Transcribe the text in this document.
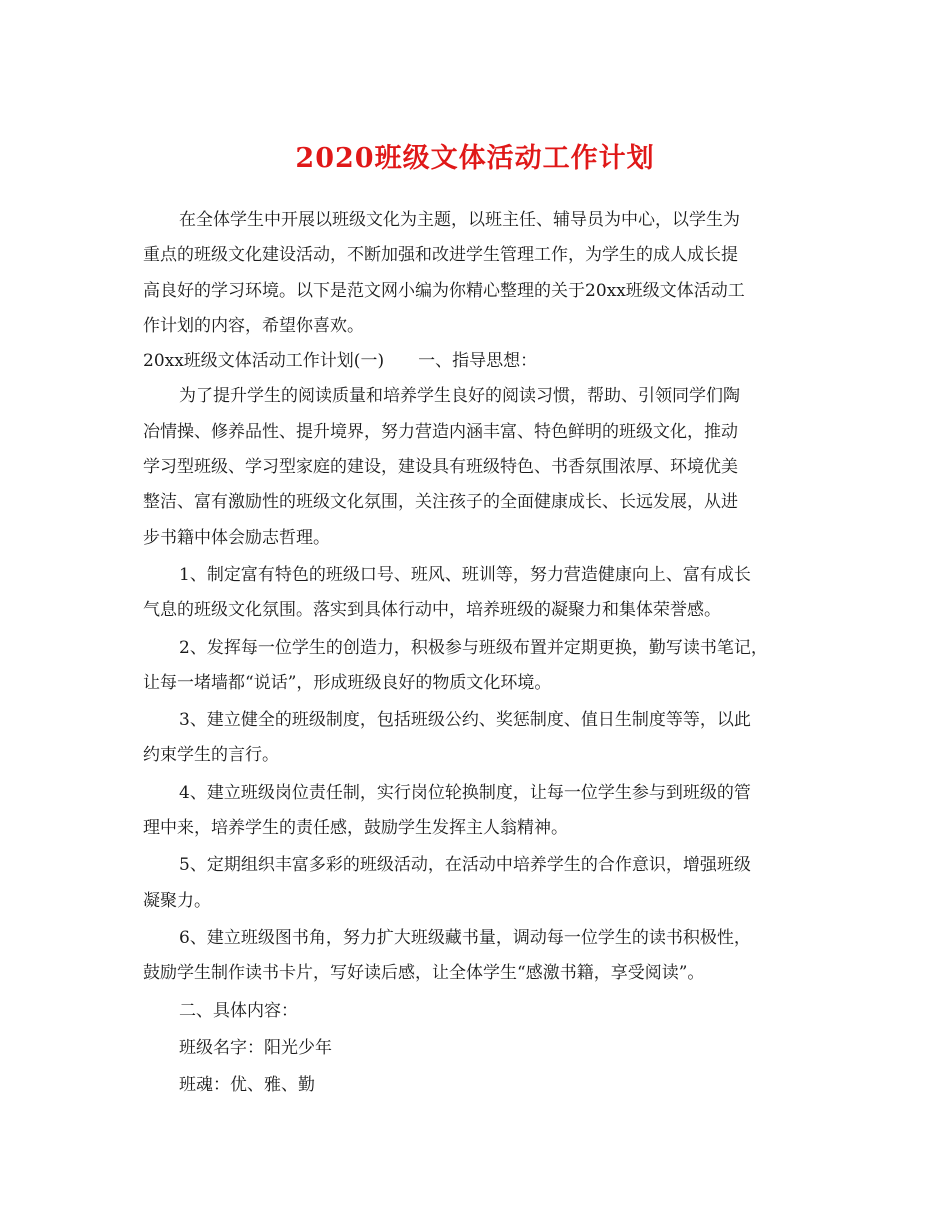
2020班级文体活动工作计划
在全体学生中开展以班级文化为主题，以班主任、辅导员为中心，以学生为
重点的班级文化建设活动，不断加强和改进学生管理工作，为学生的成人成长提
高良好的学习环境。以下是范文网小编为你精心整理的关于20xx班级文体活动工
作计划的内容，希望你喜欢。
20xx班级文体活动工作计划(一)　　一、指导思想：
为了提升学生的阅读质量和培养学生良好的阅读习惯，帮助、引领同学们陶
冶情操、修养品性、提升境界，努力营造内涵丰富、特色鲜明的班级文化，推动
学习型班级、学习型家庭的建设，建设具有班级特色、书香氛围浓厚、环境优美
整洁、富有激励性的班级文化氛围，关注孩子的全面健康成长、长远发展，从进
步书籍中体会励志哲理。
1、制定富有特色的班级口号、班风、班训等，努力营造健康向上、富有成长
气息的班级文化氛围。落实到具体行动中，培养班级的凝聚力和集体荣誉感。
2、发挥每一位学生的创造力，积极参与班级布置并定期更换，勤写读书笔记，
让每一堵墙都“说话”，形成班级良好的物质文化环境。
3、建立健全的班级制度，包括班级公约、奖惩制度、值日生制度等等，以此
约束学生的言行。
4、建立班级岗位责任制，实行岗位轮换制度，让每一位学生参与到班级的管
理中来，培养学生的责任感，鼓励学生发挥主人翁精神。
5、定期组织丰富多彩的班级活动，在活动中培养学生的合作意识，增强班级
凝聚力。
6、建立班级图书角，努力扩大班级藏书量，调动每一位学生的读书积极性，
鼓励学生制作读书卡片，写好读后感，让全体学生“感激书籍，享受阅读”。
二、具体内容：
班级名字：阳光少年
班魂：优、雅、勤
